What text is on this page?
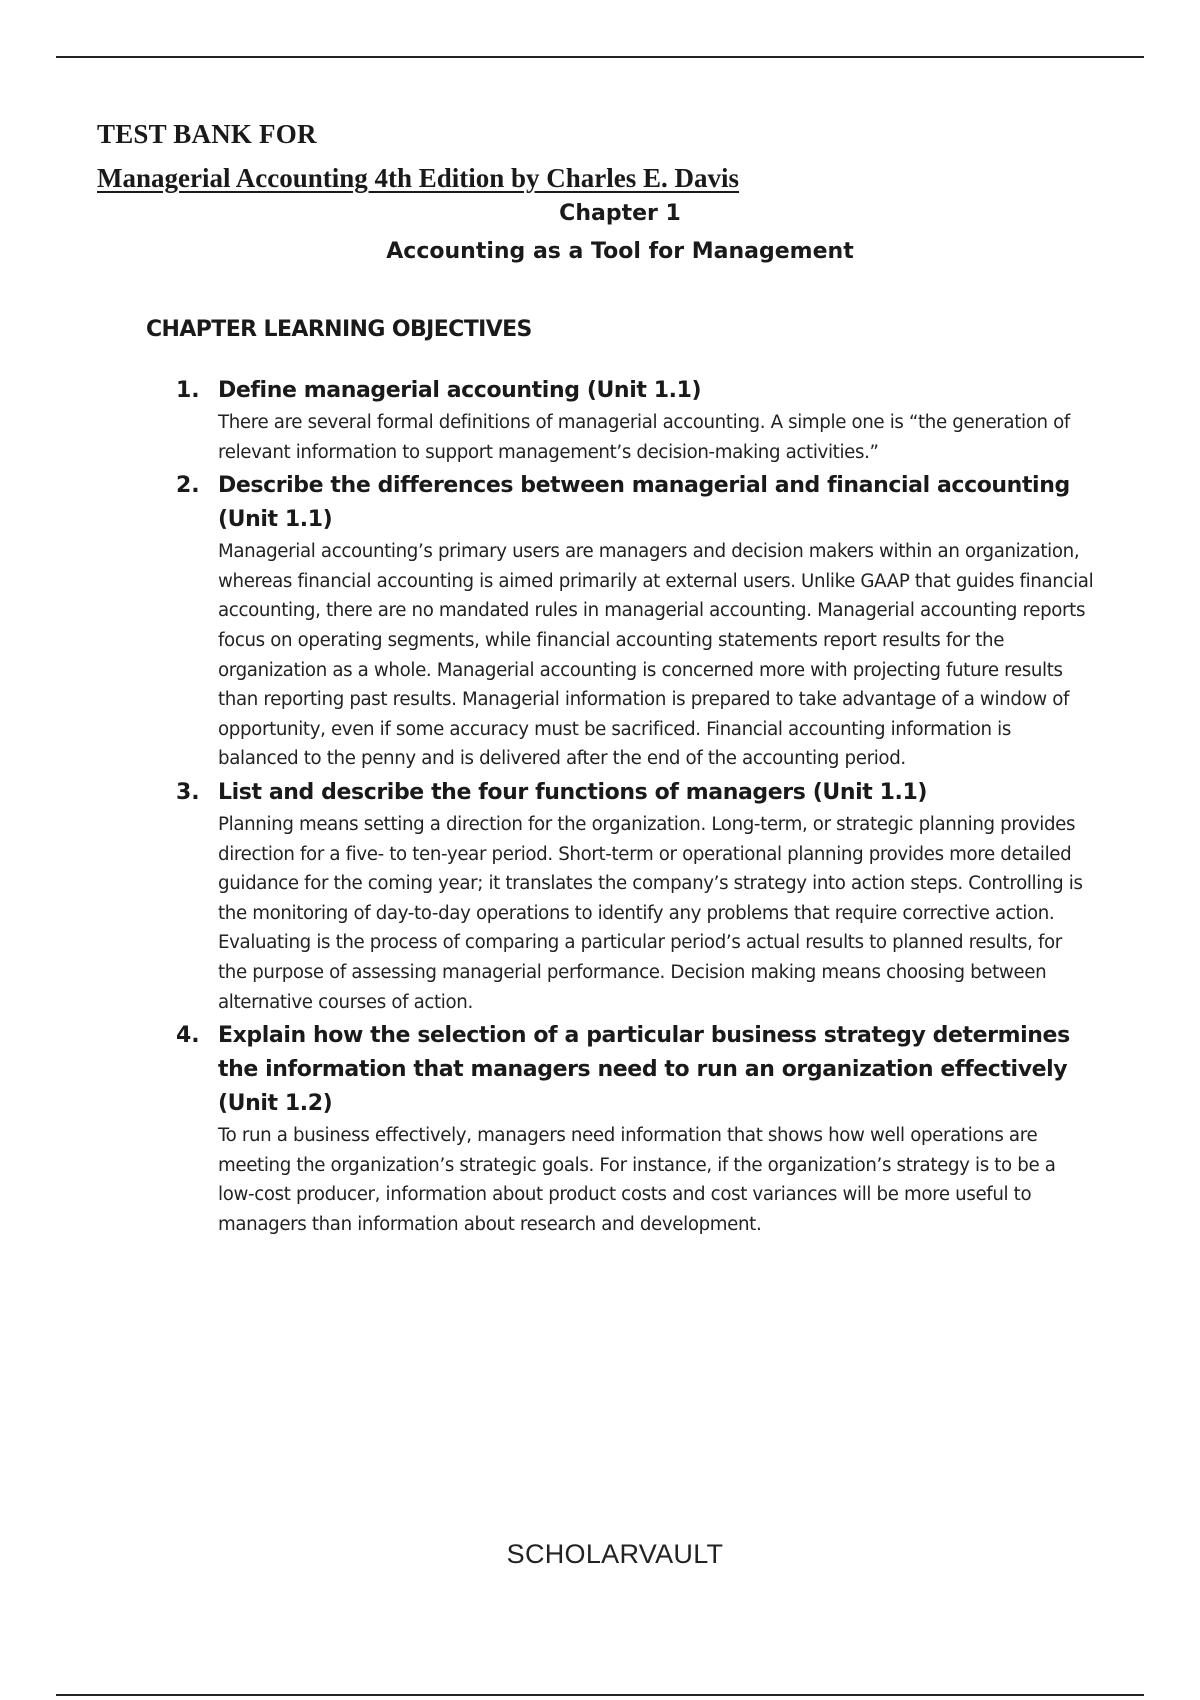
TEST BANK FOR
Managerial Accounting 4th Edition by Charles E. Davis
Chapter 1
Accounting as a Tool for Management
CHAPTER LEARNING OBJECTIVES
1. Define managerial accounting (Unit 1.1)
There are several formal definitions of managerial accounting. A simple one is “the generation of relevant information to support management’s decision-making activities.”
2. Describe the differences between managerial and financial accounting (Unit 1.1)
Managerial accounting’s primary users are managers and decision makers within an organization, whereas financial accounting is aimed primarily at external users. Unlike GAAP that guides financial accounting, there are no mandated rules in managerial accounting. Managerial accounting reports focus on operating segments, while financial accounting statements report results for the organization as a whole. Managerial accounting is concerned more with projecting future results than reporting past results. Managerial information is prepared to take advantage of a window of opportunity, even if some accuracy must be sacrificed. Financial accounting information is balanced to the penny and is delivered after the end of the accounting period.
3. List and describe the four functions of managers (Unit 1.1)
Planning means setting a direction for the organization. Long-term, or strategic planning provides direction for a five- to ten-year period. Short-term or operational planning provides more detailed guidance for the coming year; it translates the company’s strategy into action steps. Controlling is the monitoring of day-to-day operations to identify any problems that require corrective action. Evaluating is the process of comparing a particular period’s actual results to planned results, for the purpose of assessing managerial performance. Decision making means choosing between alternative courses of action.
4. Explain how the selection of a particular business strategy determines the information that managers need to run an organization effectively (Unit 1.2)
To run a business effectively, managers need information that shows how well operations are meeting the organization’s strategic goals. For instance, if the organization’s strategy is to be a low-cost producer, information about product costs and cost variances will be more useful to managers than information about research and development.
SCHOLARVAULT
